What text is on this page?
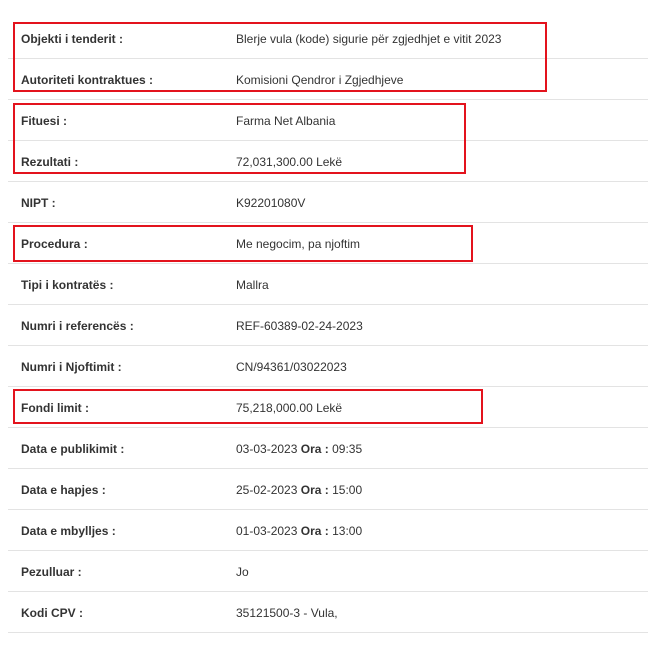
Objekti i tenderit :	Blerje vula (kode) sigurie për zgjedhjet e vitit 2023
Autoriteti kontraktues :	Komisioni Qendror i Zgjedhjeve
Fituesi :	Farma Net Albania
Rezultati :	72,031,300.00 Lekë
NIPT :	K92201080V
Procedura :	Me negocim, pa njoftim
Tipi i kontratës :	Mallra
Numri i referencës :	REF-60389-02-24-2023
Numri i Njoftimit :	CN/94361/03022023
Fondi limit :	75,218,000.00 Lekë
Data e publikimit :	03-03-2023 Ora : 09:35
Data e hapjes :	25-02-2023 Ora : 15:00
Data e mbylljes :	01-03-2023 Ora : 13:00
Pezulluar :	Jo
Kodi CPV :	35121500-3 - Vula,
